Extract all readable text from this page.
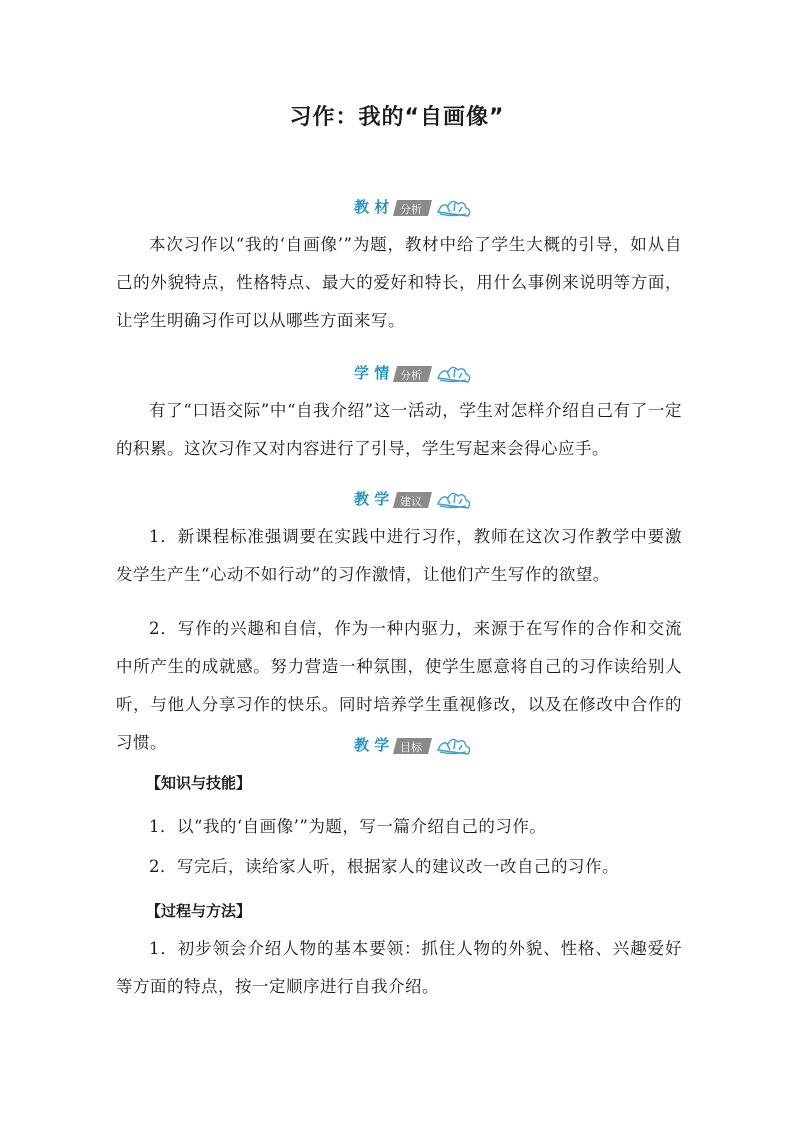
习作：我的“自画像”
教 材 分析

本次习作以“我的‘自画像’”为题，教材中给了学生大概的引导，如从自己的外貌特点，性格特点、最大的爱好和特长，用什么事例来说明等方面，让学生明确习作可以从哪些方面来写。

学 情 分析

有了“口语交际”中“自我介绍”这一活动，学生对怎样介绍自己有了一定的积累。这次习作又对内容进行了引导，学生写起来会得心应手。

教 学 建议

1．新课程标准强调要在实践中进行习作，教师在这次习作教学中要激发学生产生“心动不如行动”的习作激情，让他们产生写作的欲望。

2．写作的兴趣和自信，作为一种内驱力，来源于在写作的合作和交流中所产生的成就感。努力营造一种氛围，使学生愿意将自己的习作读给别人听，与他人分享习作的快乐。同时培养学生重视修改，以及在修改中合作的习惯。	教 学 目标

【知识与技能】

1．以“我的‘自画像’”为题，写一篇介绍自己的习作。

2．写完后，读给家人听，根据家人的建议改一改自己的习作。

【过程与方法】

1．初步领会介绍人物的基本要领：抓住人物的外貌、性格、兴趣爱好等方面的特点，按一定顺序进行自我介绍。
